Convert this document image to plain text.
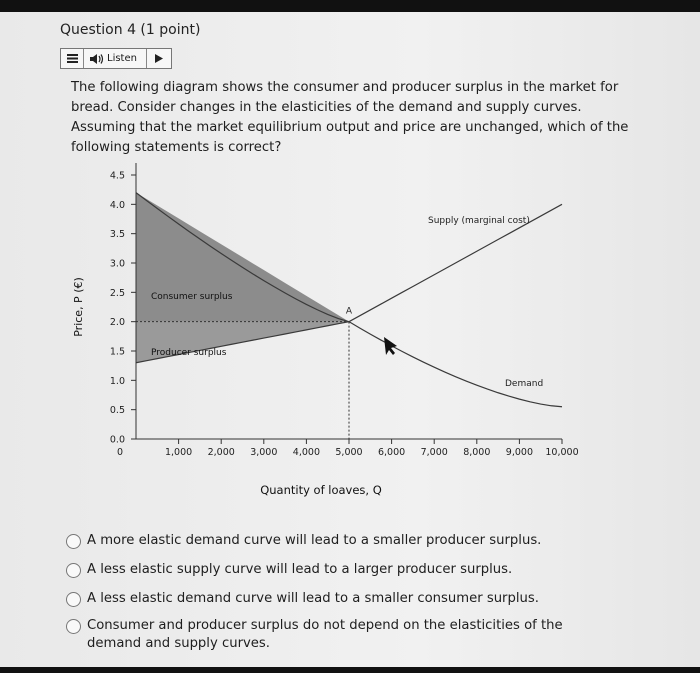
Question 4 (1 point)
Listen
The following diagram shows the consumer and producer surplus in the market for bread. Consider changes in the elasticities of the demand and supply curves. Assuming that the market equilibrium output and price are unchanged, which of the following statements is correct?
0.0
0.5
1.0
1.5
2.0
2.5
3.0
3.5
4.0
4.5
0	1,000 2,000 3,000 4,000 5,000 6,000 7,000 8,000 9,000 10,000
A
Supply (marginal cost)
Demand
Consumer surplus
Producer surplus
Quantity of loaves, Q
Price, P (€)
A more elastic demand curve will lead to a smaller producer surplus.
A less elastic supply curve will lead to a larger producer surplus.
A less elastic demand curve will lead to a smaller consumer surplus.
Consumer and producer surplus do not depend on the elasticities of the demand and supply curves.
